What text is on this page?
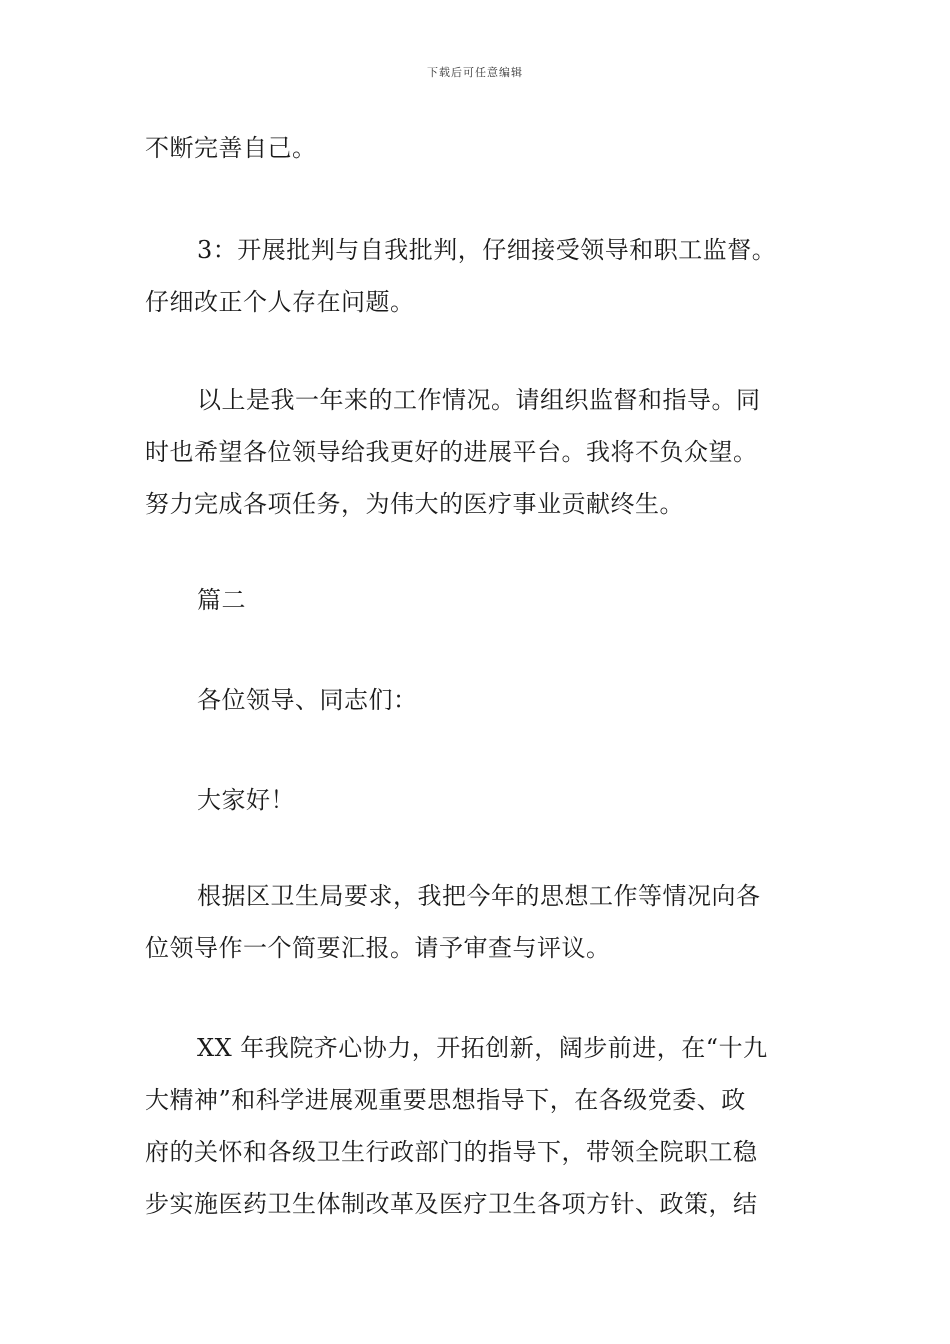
下载后可任意编辑
不断完善自己。
3：开展批判与自我批判，仔细接受领导和职工监督。
仔细改正个人存在问题。
以上是我一年来的工作情况。请组织监督和指导。同
时也希望各位领导给我更好的进展平台。我将不负众望。
努力完成各项任务，为伟大的医疗事业贡献终生。
篇二
各位领导、同志们：
大家好！
根据区卫生局要求，我把今年的思想工作等情况向各
位领导作一个简要汇报。请予审查与评议。
XX 年我院齐心协力，开拓创新，阔步前进，在“十九
大精神”和科学进展观重要思想指导下，在各级党委、政
府的关怀和各级卫生行政部门的指导下，带领全院职工稳
步实施医药卫生体制改革及医疗卫生各项方针、政策，结
